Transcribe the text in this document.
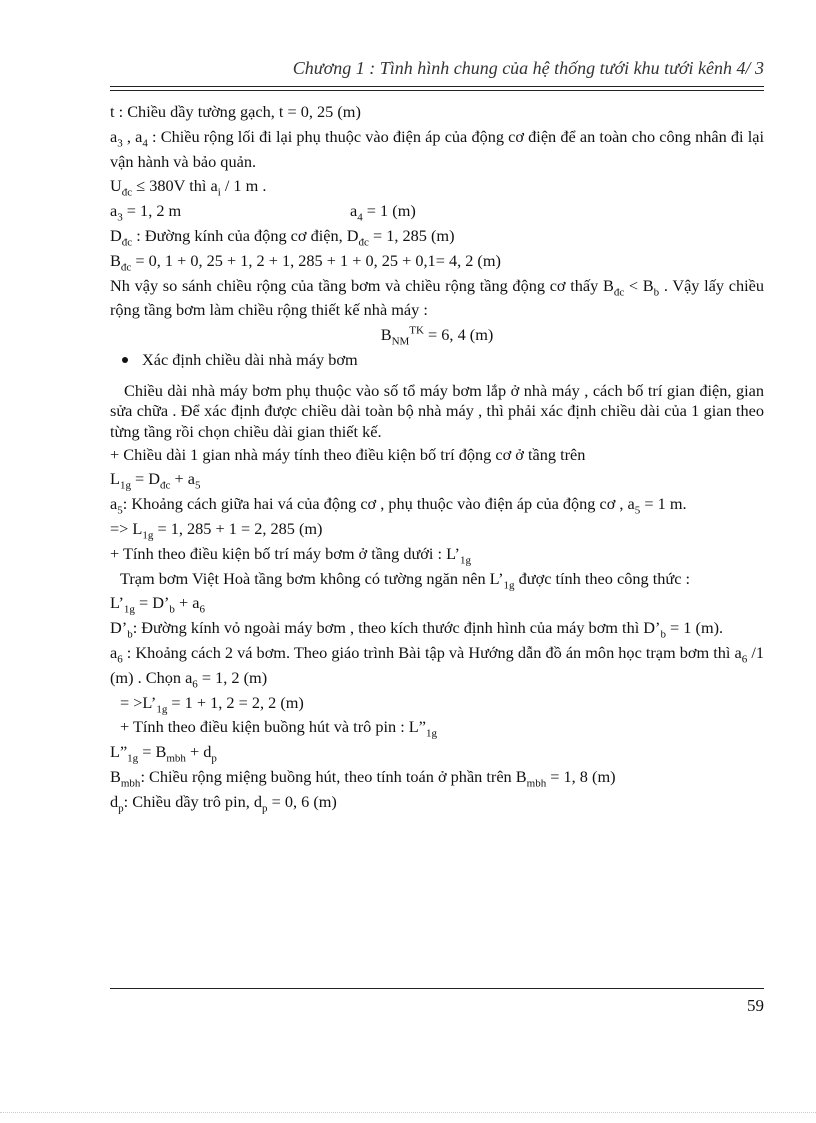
Chương 1 : Tình hình chung của hệ thống tưới khu tưới kênh 4/ 3

t : Chiều dầy tường gạch, t = 0, 25 (m)

$a_3$ , $a_4$ : Chiều rộng lối đi lại phụ thuộc vào điện áp của động cơ điện để an toàn cho công nhân đi lại vận hành và bảo quản.

$U_{đc} \le 380V$ thì $a_i / 1$ m .

$a_3 = 1$, 2 m	$a_4 = 1$ (m)

$D_{đc}$ : Đường kính của động cơ điện, $D_{đc} = 1$, 285 (m)

$B_{đc} = 0$, 1 + 0, 25 + 1, 2 + 1, 285 + 1 + 0, 25 + 0,1= 4, 2 (m)

Nh vậy so sánh chiều rộng của tầng bơm và chiều rộng tầng động cơ thấy $B_{đc} < B_b$ . Vậy lấy chiều rộng tầng bơm làm chiều rộng thiết kế nhà máy :

$B_{NM}^{TK} = 6$, 4 (m)

Xác định chiều dài nhà máy bơm

Chiều dài nhà máy bơm phụ thuộc vào số tổ máy bơm lắp ở nhà máy , cách bố trí gian điện, gian sửa chữa . Để xác định được chiều dài toàn bộ nhà máy , thì phải xác định chiều dài của 1 gian theo từng tầng rồi chọn chiều dài gian thiết kế.

+ Chiều dài 1 gian nhà máy tính theo điều kiện bố trí động cơ ở tầng trên

$L_{1g} = D_{đc} + a_5$

$a_5$: Khoảng cách giữa hai vá của động cơ , phụ thuộc vào điện áp của động cơ , $a_5 = 1$ m.

=> $L_{1g} = 1$, 285 + 1 = 2, 285 (m)

+ Tính theo điều kiện bố trí máy bơm ở tầng dưới : $L’_{1g}$

Trạm bơm Việt Hoà tầng bơm không có tường ngăn nên $L’_{1g}$ được tính theo công thức :

$L’_{1g}$ = $D’_b + a_6$

$D’_b$: Đường kính vỏ ngoài máy bơm , theo kích thước định hình của máy bơm thì $D’_b = 1$ (m).

$a_6$ : Khoảng cách 2 vá bơm. Theo giáo trình Bài tập và Hướng dẫn đồ án môn học trạm bơm thì $a_6$ /1 (m) . Chọn $a_6 = 1$, 2 (m)

= $>L’_{1g} = 1 + 1$, 2 = 2, 2 (m)

+ Tính theo điều kiện buồng hút và trô pin : $L”_{1g}$

$L”_{1g} = B_{mbh} + d_p$

$B_{mbh}$: Chiều rộng miệng buồng hút, theo tính toán ở phần trên $B_{mbh} = 1$, 8 (m)

$d_p$: Chiều dầy trô pin, $d_p = 0$, 6 (m)

59
